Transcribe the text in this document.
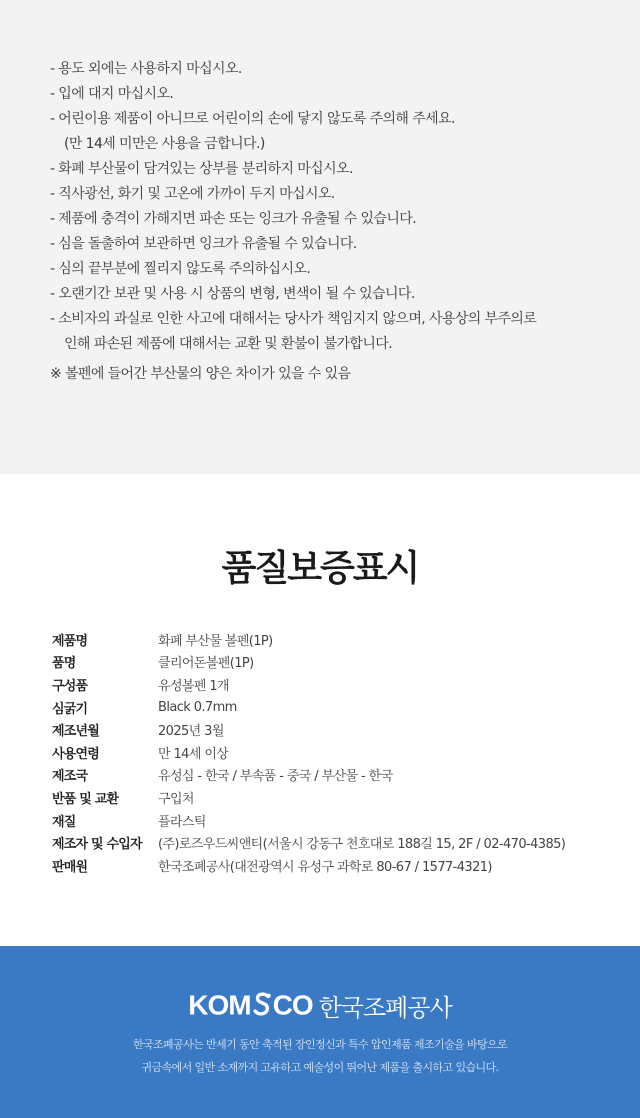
- 용도 외에는 사용하지 마십시오.
- 입에 대지 마십시오.
- 어린이용 제품이 아니므로 어린이의 손에 닿지 않도록 주의해 주세요.
(만 14세 미만은 사용을 금합니다.)
- 화폐 부산물이 담겨있는 상부를 분리하지 마십시오.
- 직사광선, 화기 및 고온에 가까이 두지 마십시오.
- 제품에 충격이 가해지면 파손 또는 잉크가 유출될 수 있습니다.
- 심을 돌출하여 보관하면 잉크가 유출될 수 있습니다.
- 심의 끝부분에 찔리지 않도록 주의하십시오.
- 오랜기간 보관 및 사용 시 상품의 변형, 변색이 될 수 있습니다.
- 소비자의 과실로 인한 사고에 대해서는 당사가 책임지지 않으며, 사용상의 부주의로
인해 파손된 제품에 대해서는 교환 및 환불이 불가합니다.
※ 볼펜에 들어간 부산물의 양은 차이가 있을 수 있음
품질보증표시
제품명	화폐 부산물 볼펜(1P)
품명	클리어돈볼펜(1P)
구성품	유성볼펜 1개
심굵기	Black 0.7mm
제조년월	2025년 3월
사용연령	만 14세 이상
제조국	유성심 - 한국 / 부속품 - 중국 / 부산물 - 한국
반품 및 교환	구입처
재질	플라스틱
제조자 및 수입자	(주)로즈우드씨앤티(서울시 강동구 천호대로 188길 15, 2F / 02-470-4385)
판매원	한국조폐공사(대전광역시 유성구 과학로 80-67 / 1577-4321)
KOM CO 한국조폐공사
한국조폐공사는 반세기 동안 축적된 장인정신과 특수 압인제품 제조기술을 바탕으로
귀금속에서 일반 소재까지 고유하고 예술성이 뛰어난 제품을 출시하고 있습니다.
